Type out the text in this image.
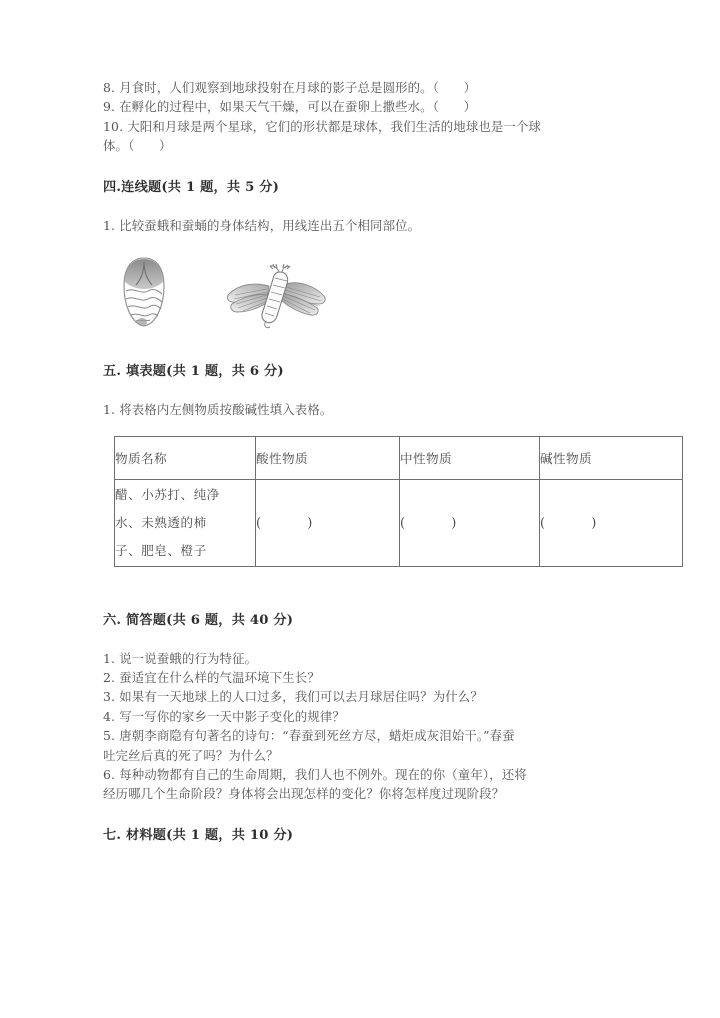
8. 月食时，人们观察到地球投射在月球的影子总是圆形的。（      ）
9. 在孵化的过程中，如果天气干燥，可以在蚕卵上撒些水。（      ）
10. 大阳和月球是两个星球，它们的形状都是球体，我们生活的地球也是一个球
体。（      ）
四.连线题(共 1 题，共 5 分)
1. 比较蚕蛾和蚕蛹的身体结构，用线连出五个相同部位。
五. 填表题(共 1 题，共 6 分)
1. 将表格内左侧物质按酸碱性填入表格。
物质名称	酸性物质	中性物质	碱性物质

醋、小苏打、纯净
水、未熟透的柿
子、肥皂、橙子	( )	( )	( )
六. 简答题(共 6 题，共 40 分)
1. 说一说蚕蛾的行为特征。
2. 蚕适宜在什么样的气温环境下生长？
3. 如果有一天地球上的人口过多，我们可以去月球居住吗？为什么？
4. 写一写你的家乡一天中影子变化的规律？
5. 唐朝李商隐有句著名的诗句：“春蚕到死丝方尽，蜡炬成灰泪始干。”春蚕
吐完丝后真的死了吗？为什么？
6. 每种动物都有自己的生命周期，我们人也不例外。现在的你（童年），还将
经历哪几个生命阶段？身体将会出现怎样的变化？你将怎样度过现阶段？
七. 材料题(共 1 题，共 10 分)
